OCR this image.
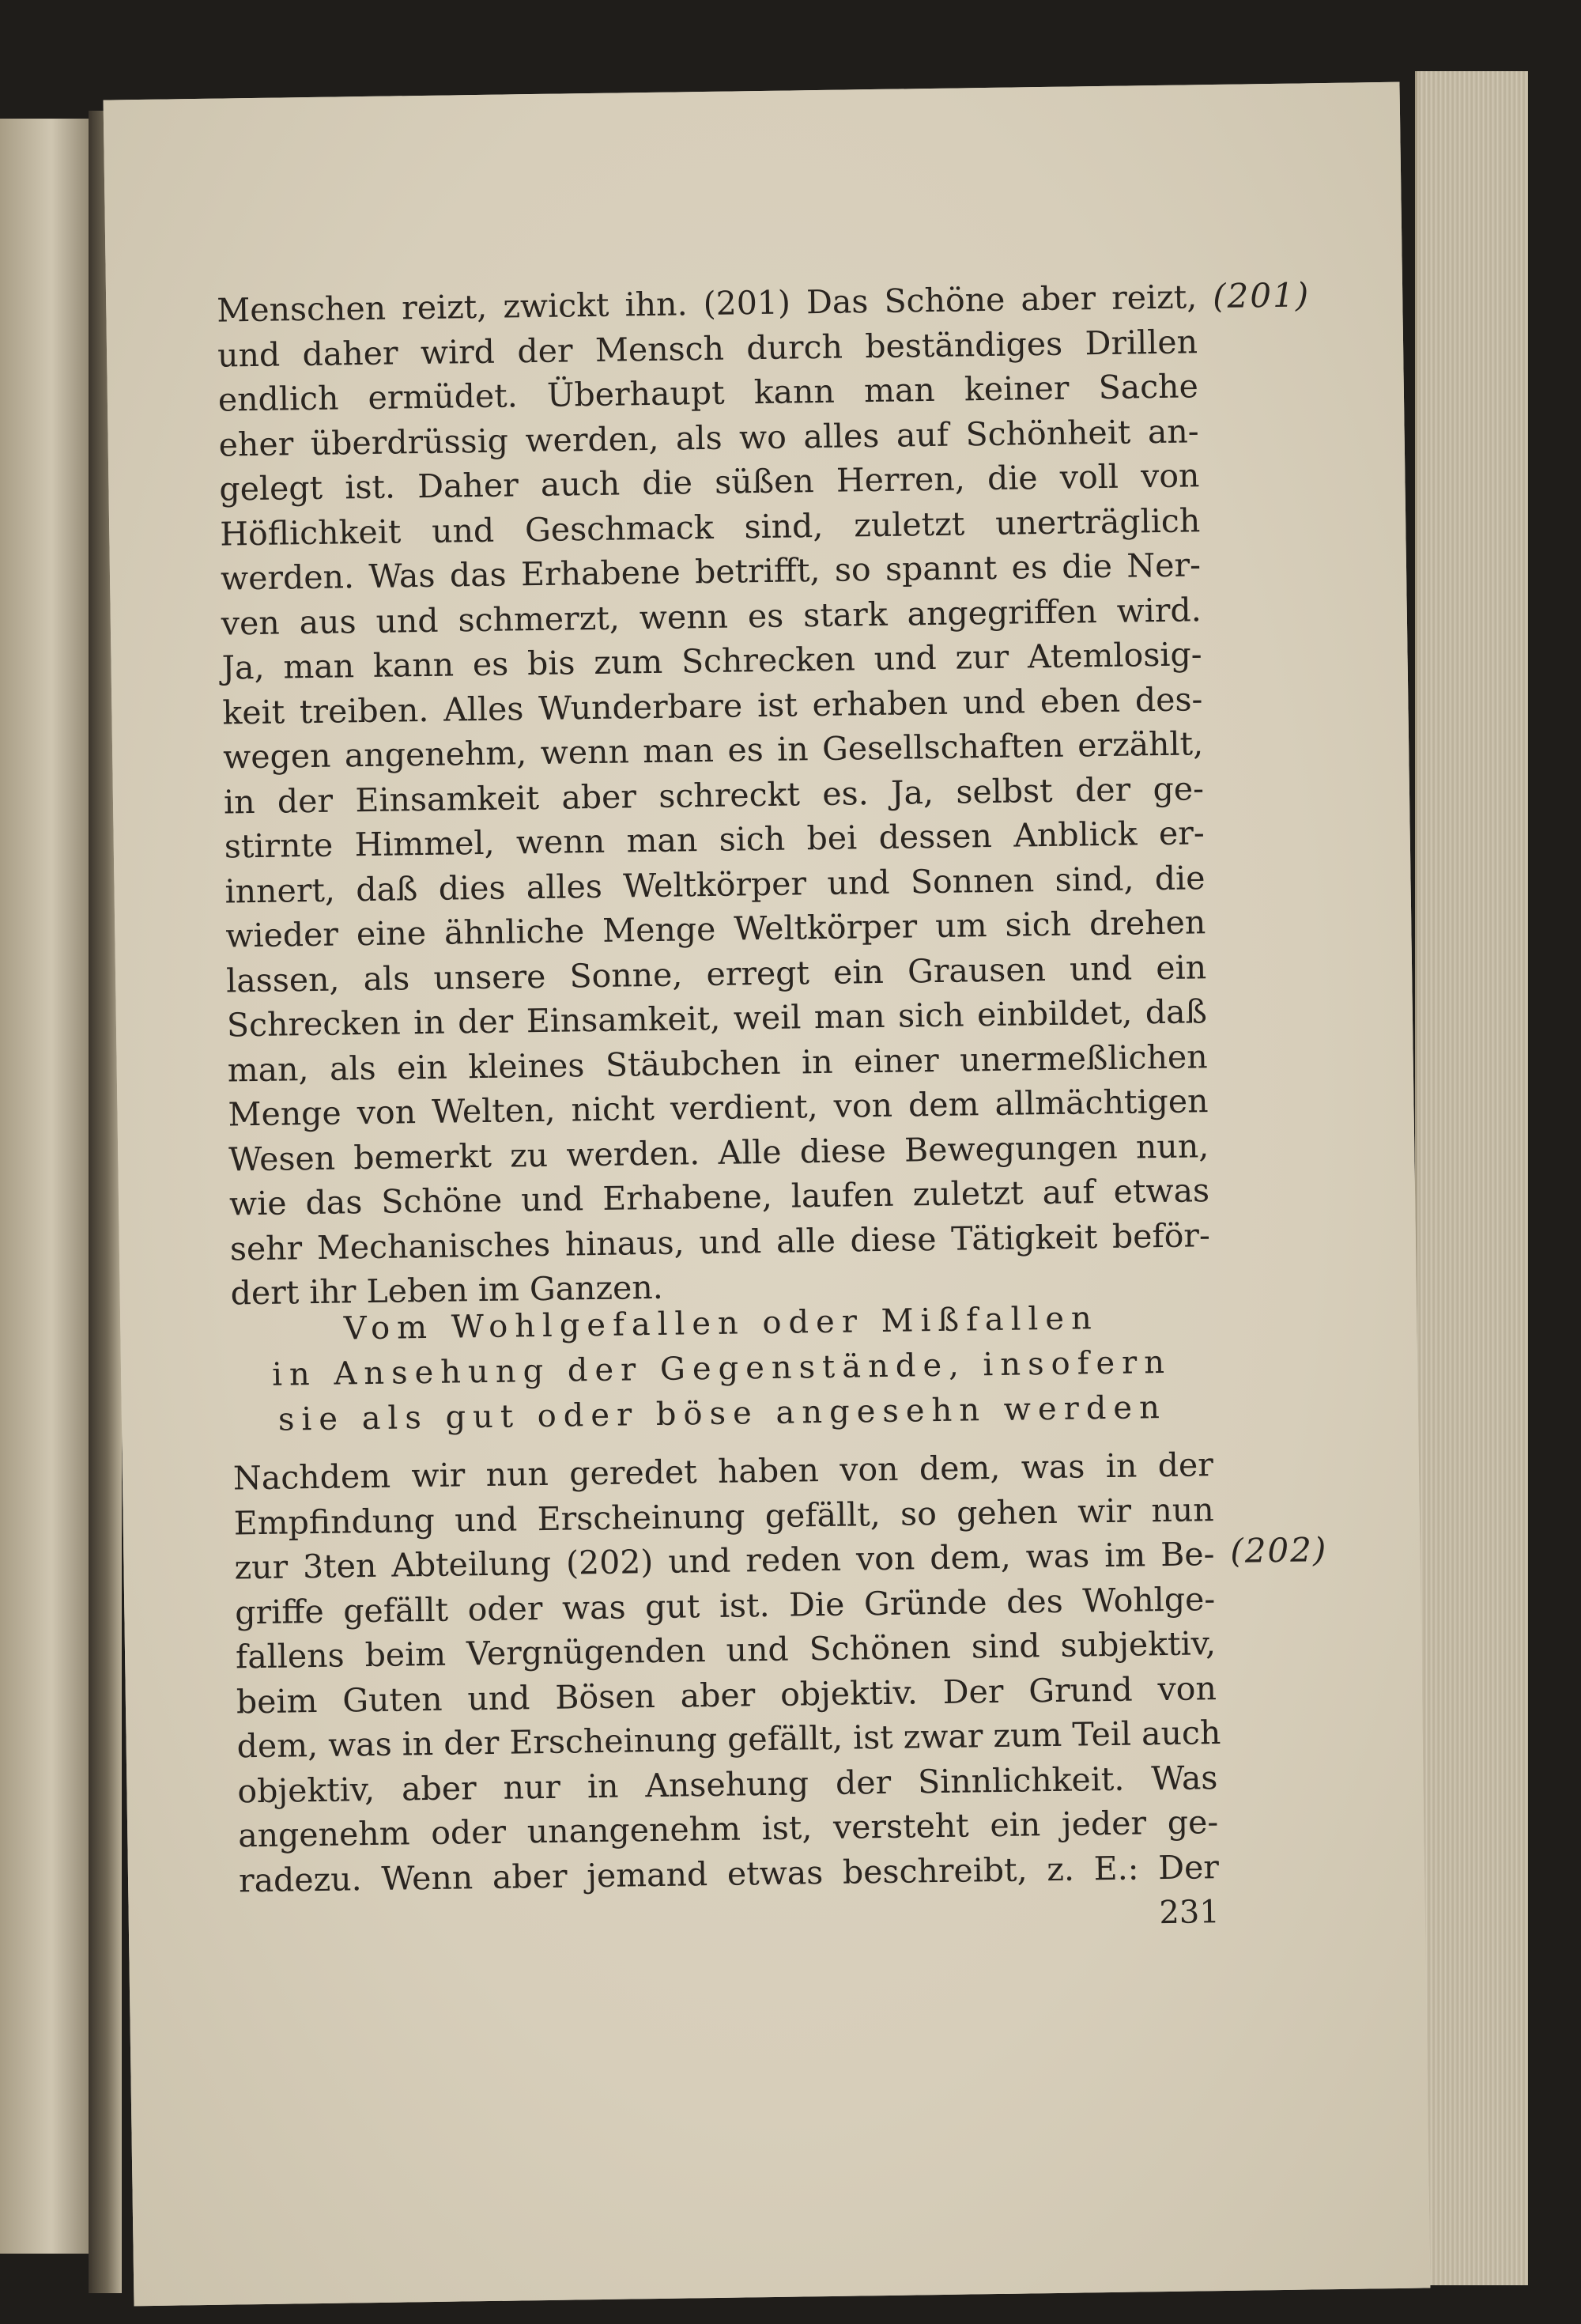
Menschen reizt, zwickt ihn. (201) Das Schöne aber reizt,
und daher wird der Mensch durch beständiges Drillen
endlich ermüdet. Überhaupt kann man keiner Sache
eher überdrüssig werden, als wo alles auf Schönheit an-
gelegt ist. Daher auch die süßen Herren, die voll von
Höflichkeit und Geschmack sind, zuletzt unerträglich
werden. Was das Erhabene betrifft, so spannt es die Ner-
ven aus und schmerzt, wenn es stark angegriffen wird.
Ja, man kann es bis zum Schrecken und zur Atemlosig-
keit treiben. Alles Wunderbare ist erhaben und eben des-
wegen angenehm, wenn man es in Gesellschaften erzählt,
in der Einsamkeit aber schreckt es. Ja, selbst der ge-
stirnte Himmel, wenn man sich bei dessen Anblick er-
innert, daß dies alles Weltkörper und Sonnen sind, die
wieder eine ähnliche Menge Weltkörper um sich drehen
lassen, als unsere Sonne, erregt ein Grausen und ein
Schrecken in der Einsamkeit, weil man sich einbildet, daß
man, als ein kleines Stäubchen in einer unermeßlichen
Menge von Welten, nicht verdient, von dem allmächtigen
Wesen bemerkt zu werden. Alle diese Bewegungen nun,
wie das Schöne und Erhabene, laufen zuletzt auf etwas
sehr Mechanisches hinaus, und alle diese Tätigkeit beför-
dert ihr Leben im Ganzen.
(201)
Vom Wohlgefallen oder Mißfallen
in Ansehung der Gegenstände, insofern
sie als gut oder böse angesehn werden
Nachdem wir nun geredet haben von dem, was in der
Empfindung und Erscheinung gefällt, so gehen wir nun
zur 3ten Abteilung (202) und reden von dem, was im Be-
griffe gefällt oder was gut ist. Die Gründe des Wohlge-
fallens beim Vergnügenden und Schönen sind subjektiv,
beim Guten und Bösen aber objektiv. Der Grund von
dem, was in der Erscheinung gefällt, ist zwar zum Teil auch
objektiv, aber nur in Ansehung der Sinnlichkeit. Was
angenehm oder unangenehm ist, versteht ein jeder ge-
radezu. Wenn aber jemand etwas beschreibt, z. E.: Der
(202)
231
